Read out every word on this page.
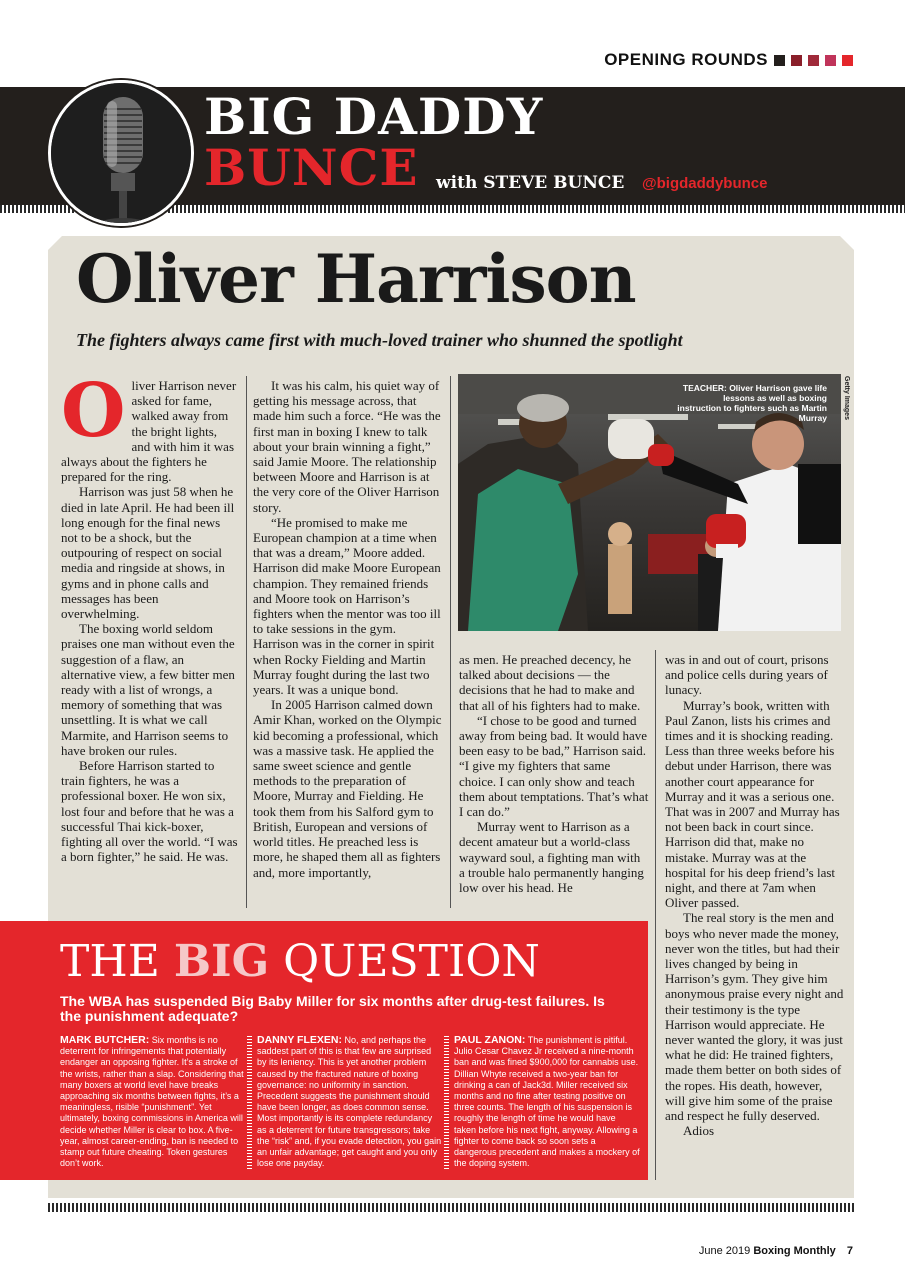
OPENING ROUNDS
BIG DADDY
BUNCE with STEVE BUNCE @bigdaddybunce
Oliver Harrison
The fighters always came first with much-loved trainer who shunned the spotlight

Oliver Harrison never asked for fame, walked away from the bright lights, and with him it was always about the fighters he prepared for the ring.

Harrison was just 58 when he died in late April. He had been ill long enough for the final news not to be a shock, but the outpouring of respect on social media and ringside at shows, in gyms and in phone calls and messages has been overwhelming.

The boxing world seldom praises one man without even the suggestion of a flaw, an alternative view, a few bitter men ready with a list of wrongs, a memory of something that was unsettling. It is what we call Marmite, and Harrison seems to have broken our rules.

Before Harrison started to train fighters, he was a professional boxer. He won six, lost four and before that he was a successful Thai kick-boxer, fighting all over the world. “I was a born fighter,” he said. He was.

It was his calm, his quiet way of getting his message across, that made him such a force. “He was the first man in boxing I knew to talk about your brain winning a fight,” said Jamie Moore. The relationship between Moore and Harrison is at the very core of the Oliver Harrison story.

“He promised to make me European champion at a time when that was a dream,” Moore added. Harrison did make Moore European champion. They remained friends and Moore took on Harrison’s fighters when the mentor was too ill to take sessions in the gym. Harrison was in the corner in spirit when Rocky Fielding and Martin Murray fought during the last two years. It was a unique bond.

In 2005 Harrison calmed down Amir Khan, worked on the Olympic kid becoming a professional, which was a massive task. He applied the same sweet science and gentle methods to the preparation of Moore, Murray and Fielding. He took them from his Salford gym to British, European and versions of world titles. He preached less is more, he shaped them all as fighters and, more importantly,

TEACHER: Oliver Harrison gave life lessons as well as boxing instruction to fighters such as Martin Murray Getty Images

as men. He preached decency, he talked about decisions — the decisions that he had to make and that all of his fighters had to make.

“I chose to be good and turned away from being bad. It would have been easy to be bad,” Harrison said. “I give my fighters that same choice. I can only show and teach them about temptations. That’s what I can do.”

Murray went to Harrison as a decent amateur but a world-class wayward soul, a fighting man with a trouble halo permanently hanging low over his head. He

was in and out of court, prisons and police cells during years of lunacy.

Murray’s book, written with Paul Zanon, lists his crimes and times and it is shocking reading. Less than three weeks before his debut under Harrison, there was another court appearance for Murray and it was a serious one. That was in 2007 and Murray has not been back in court since. Harrison did that, make no mistake. Murray was at the hospital for his deep friend’s last night, and there at 7am when Oliver passed.

The real story is the men and boys who never made the money, never won the titles, but had their lives changed by being in Harrison’s gym. They give him anonymous praise every night and their testimony is the type Harrison would appreciate. He never wanted the glory, it was just what he did: He trained fighters, made them better on both sides of the ropes. His death, however, will give him some of the praise and respect he fully deserved.

Adios

THE BIG QUESTION
The WBA has suspended Big Baby Miller for six months after drug-test failures. Is the punishment adequate?
MARK BUTCHER: Six months is no deterrent for infringements that potentially endanger an opposing fighter. It’s a stroke of the wrists, rather than a slap. Considering that many boxers at world level have breaks approaching six months between fights, it’s a meaningless, risible “punishment”. Yet ultimately, boxing commissions in America will decide whether Miller is clear to box. A five-year, almost career-ending, ban is needed to stamp out future cheating. Token gestures don’t work.
DANNY FLEXEN: No, and perhaps the saddest part of this is that few are surprised by its leniency. This is yet another problem caused by the fractured nature of boxing governance: no uniformity in sanction. Precedent suggests the punishment should have been longer, as does common sense. Most importantly is its complete redundancy as a deterrent for future transgressors; take the “risk” and, if you evade detection, you gain an unfair advantage; get caught and you only lose one payday.
PAUL ZANON: The punishment is pitiful. Julio Cesar Chavez Jr received a nine-month ban and was fined $900,000 for cannabis use. Dillian Whyte received a two-year ban for drinking a can of Jack3d. Miller received six months and no fine after testing positive on three counts. The length of his suspension is roughly the length of time he would have taken before his next fight, anyway. Allowing a fighter to come back so soon sets a dangerous precedent and makes a mockery of the doping system.
June 2019 Boxing Monthly 7
